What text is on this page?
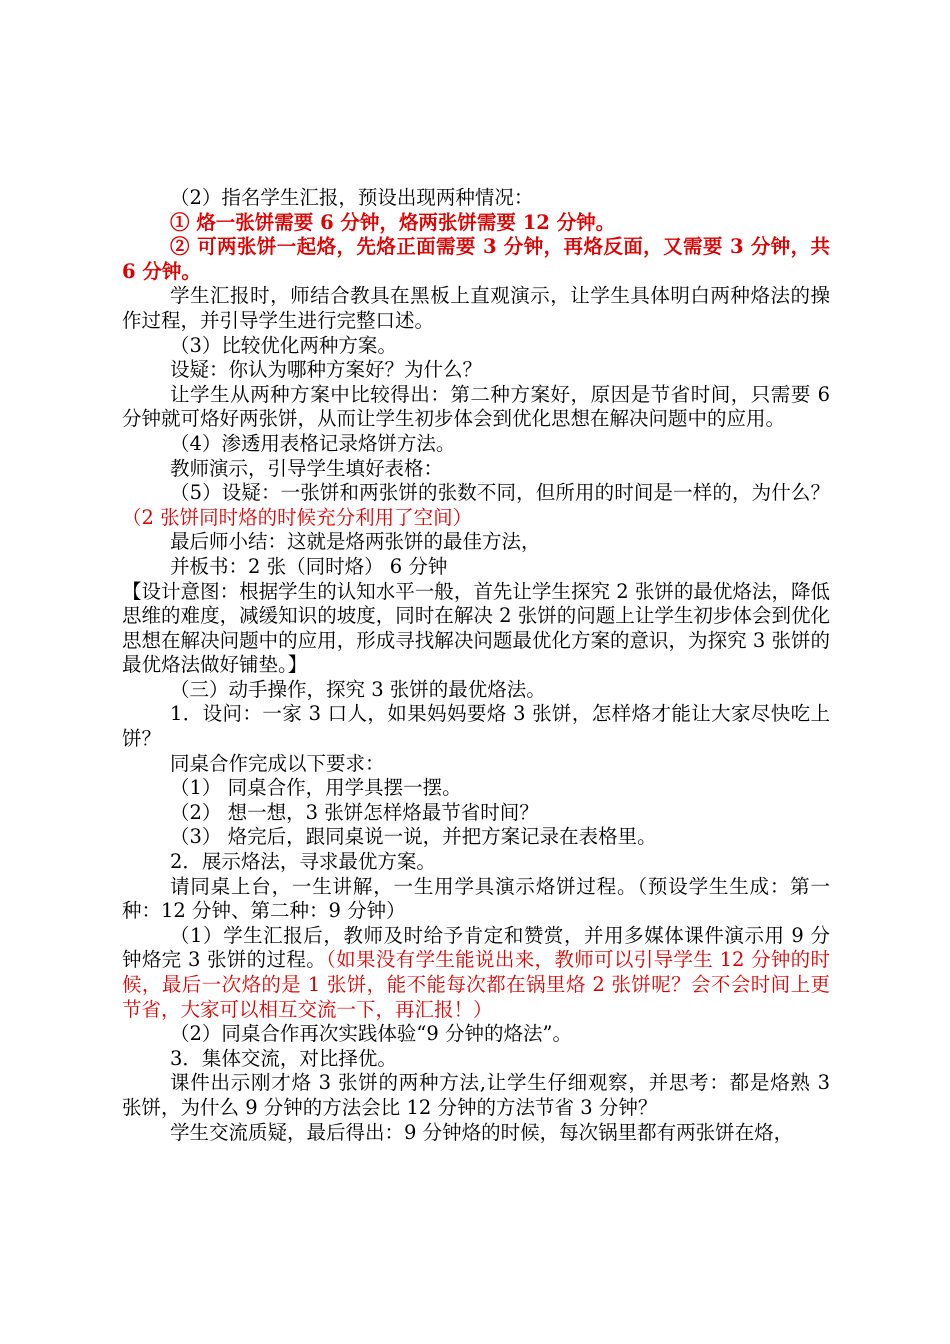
（2）指名学生汇报，预设出现两种情况：

① 烙一张饼需要 6 分钟，烙两张饼需要 12 分钟。

② 可两张饼一起烙，先烙正面需要 3 分钟，再烙反面，又需要 3 分钟，共 6 分钟。

学生汇报时，师结合教具在黑板上直观演示，让学生具体明白两种烙法的操作过程，并引导学生进行完整口述。

（3）比较优化两种方案。

设疑：你认为哪种方案好？为什么？

让学生从两种方案中比较得出：第二种方案好，原因是节省时间，只需要 6 分钟就可烙好两张饼，从而让学生初步体会到优化思想在解决问题中的应用。

（4）渗透用表格记录烙饼方法。

教师演示，引导学生填好表格：

（5）设疑：一张饼和两张饼的张数不同，但所用的时间是一样的，为什么？（2 张饼同时烙的时候充分利用了空间）

最后师小结：这就是烙两张饼的最佳方法，

并板书：2 张（同时烙） 6 分钟

【设计意图：根据学生的认知水平一般，首先让学生探究 2 张饼的最优烙法，降低思维的难度，减缓知识的坡度，同时在解决 2 张饼的问题上让学生初步体会到优化思想在解决问题中的应用，形成寻找解决问题最优化方案的意识，为探究 3 张饼的最优烙法做好铺垫。】

（三）动手操作，探究 3 张饼的最优烙法。

1．设问：一家 3 口人，如果妈妈要烙 3 张饼，怎样烙才能让大家尽快吃上饼？

同桌合作完成以下要求：

（1） 同桌合作，用学具摆一摆。

（2） 想一想，3 张饼怎样烙最节省时间？

（3） 烙完后，跟同桌说一说，并把方案记录在表格里。

2．展示烙法，寻求最优方案。

请同桌上台，一生讲解，一生用学具演示烙饼过程。（预设学生生成：第一种：12 分钟、第二种：9 分钟）

（1）学生汇报后，教师及时给予肯定和赞赏，并用多媒体课件演示用 9 分钟烙完 3 张饼的过程。（如果没有学生能说出来，教师可以引导学生 12 分钟的时候，最后一次烙的是 1 张饼，能不能每次都在锅里烙 2 张饼呢？会不会时间上更节省，大家可以相互交流一下，再汇报！）

（2）同桌合作再次实践体验“9 分钟的烙法”。

3．集体交流，对比择优。

课件出示刚才烙 3 张饼的两种方法,让学生仔细观察，并思考：都是烙熟 3 张饼，为什么 9 分钟的方法会比 12 分钟的方法节省 3 分钟？

学生交流质疑，最后得出：9 分钟烙的时候，每次锅里都有两张饼在烙，
